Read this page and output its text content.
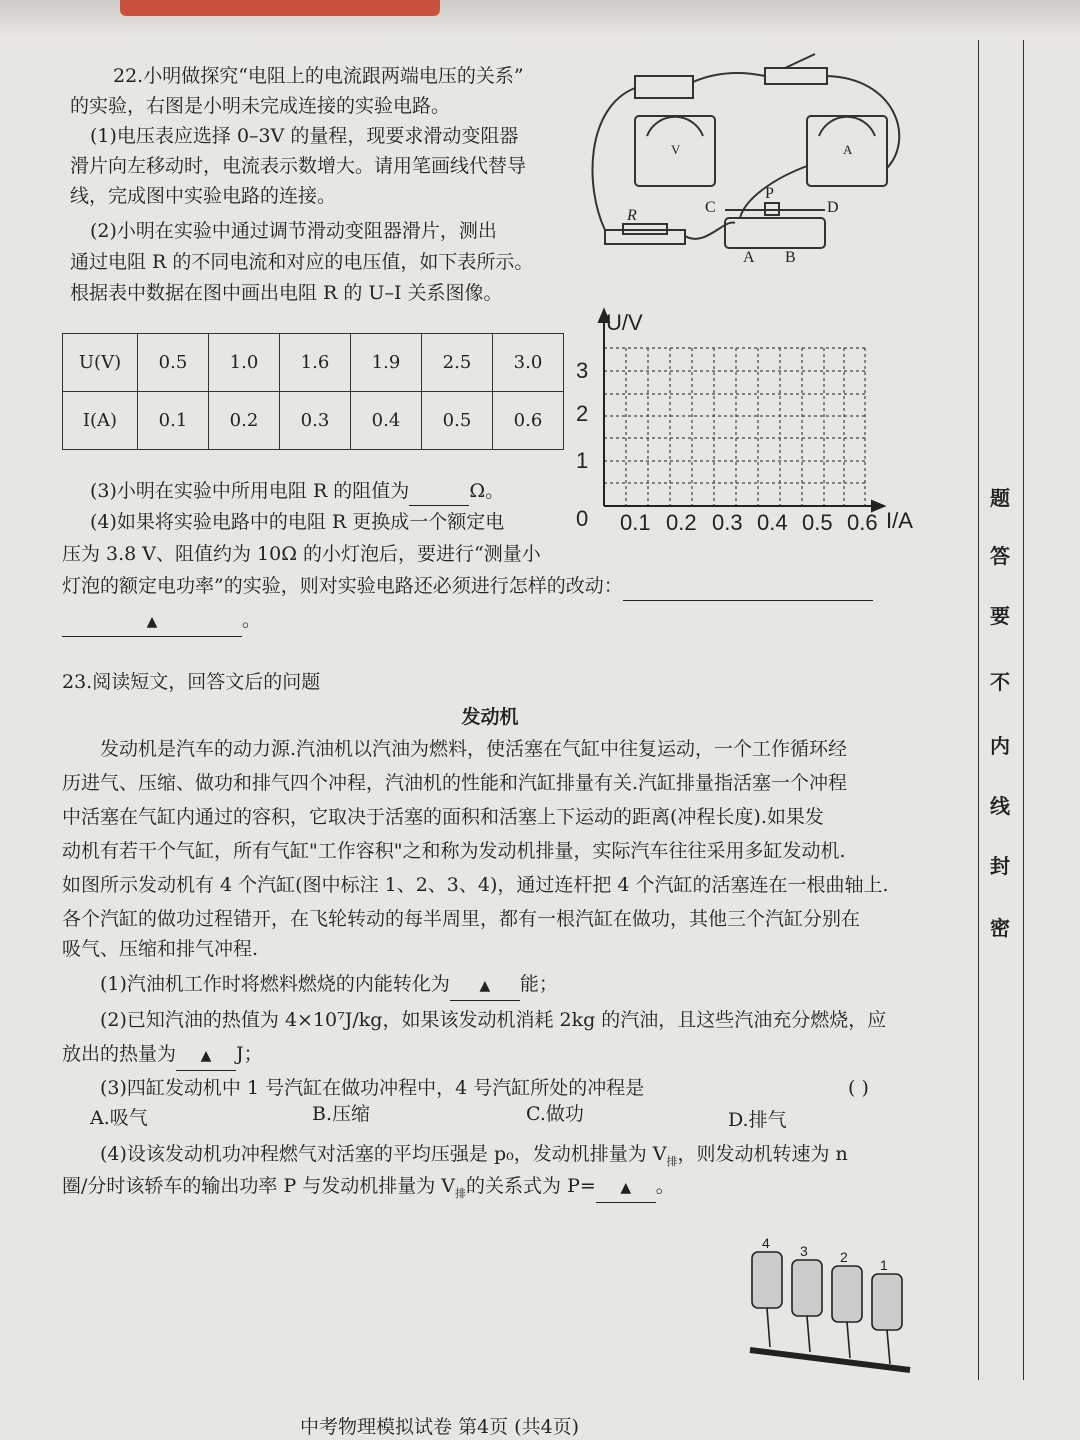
22.小明做探究“电阻上的电流跟两端电压的关系”
的实验，右图是小明未完成连接的实验电路。
(1)电压表应选择 0–3V 的量程，现要求滑动变阻器
滑片向左移动时，电流表示数增大。请用笔画线代替导
线，完成图中实验电路的连接。
(2)小明在实验中通过调节滑动变阻器滑片，测出
通过电阻 R 的不同电流和对应的电压值，如下表所示。
根据表中数据在图中画出电阻 R 的 U–I 关系图像。
R	C
P
D
A B
V	A
U(V)	0.5	1.0	1.6	1.9	2.5	3.0
I(A)	0.1	0.2	0.3	0.4	0.5	0.6
U/V
I/A
0
1
2
3
0.1 0.2 0.3 0.4 0.5 0.6
(3)小明在实验中所用电阻 R 的阻值为	Ω。
(4)如果将实验电路中的电阻 R 更换成一个额定电
压为 3.8 V、阻值约为 10Ω 的小灯泡后，要进行“测量小
灯泡的额定电功率”的实验，则对实验电路还必须进行怎样的改动：
▲	。
23.阅读短文，回答文后的问题
发动机
发动机是汽车的动力源.汽油机以汽油为燃料，使活塞在气缸中往复运动，一个工作循环经
历进气、压缩、做功和排气四个冲程，汽油机的性能和汽缸排量有关.汽缸排量指活塞一个冲程
中活塞在气缸内通过的容积，它取决于活塞的面积和活塞上下运动的距离(冲程长度).如果发
动机有若干个气缸，所有气缸"工作容积"之和称为发动机排量，实际汽车往往采用多缸发动机.
如图所示发动机有 4 个汽缸(图中标注 1、2、3、4)，通过连杆把 4 个汽缸的活塞连在一根曲轴上.
各个汽缸的做功过程错开，在飞轮转动的每半周里，都有一根汽缸在做功，其他三个汽缸分别在
吸气、压缩和排气冲程.
(1)汽油机工作时将燃料燃烧的内能转化为 ▲ 能；
(2)已知汽油的热值为 4×10⁷J/kg，如果该发动机消耗 2kg 的汽油，且这些汽油充分燃烧，应
放出的热量为 ▲ J；
(3)四缸发动机中 1 号汽缸在做功冲程中，4 号汽缸所处的冲程是	( )
A.吸气	B.压缩	C.做功	D.排气
(4)设该发动机功冲程燃气对活塞的平均压强是 p₀，发动机排量为 $V_排$，则发动机转速为 n
圈/分时该轿车的输出功率 P 与发动机排量为 $V_排$的关系式为 P= ▲ 。
4 3 2 1
题
答
要
不
内
线
封
密
中考物理模拟试卷 第4页 (共4页)
